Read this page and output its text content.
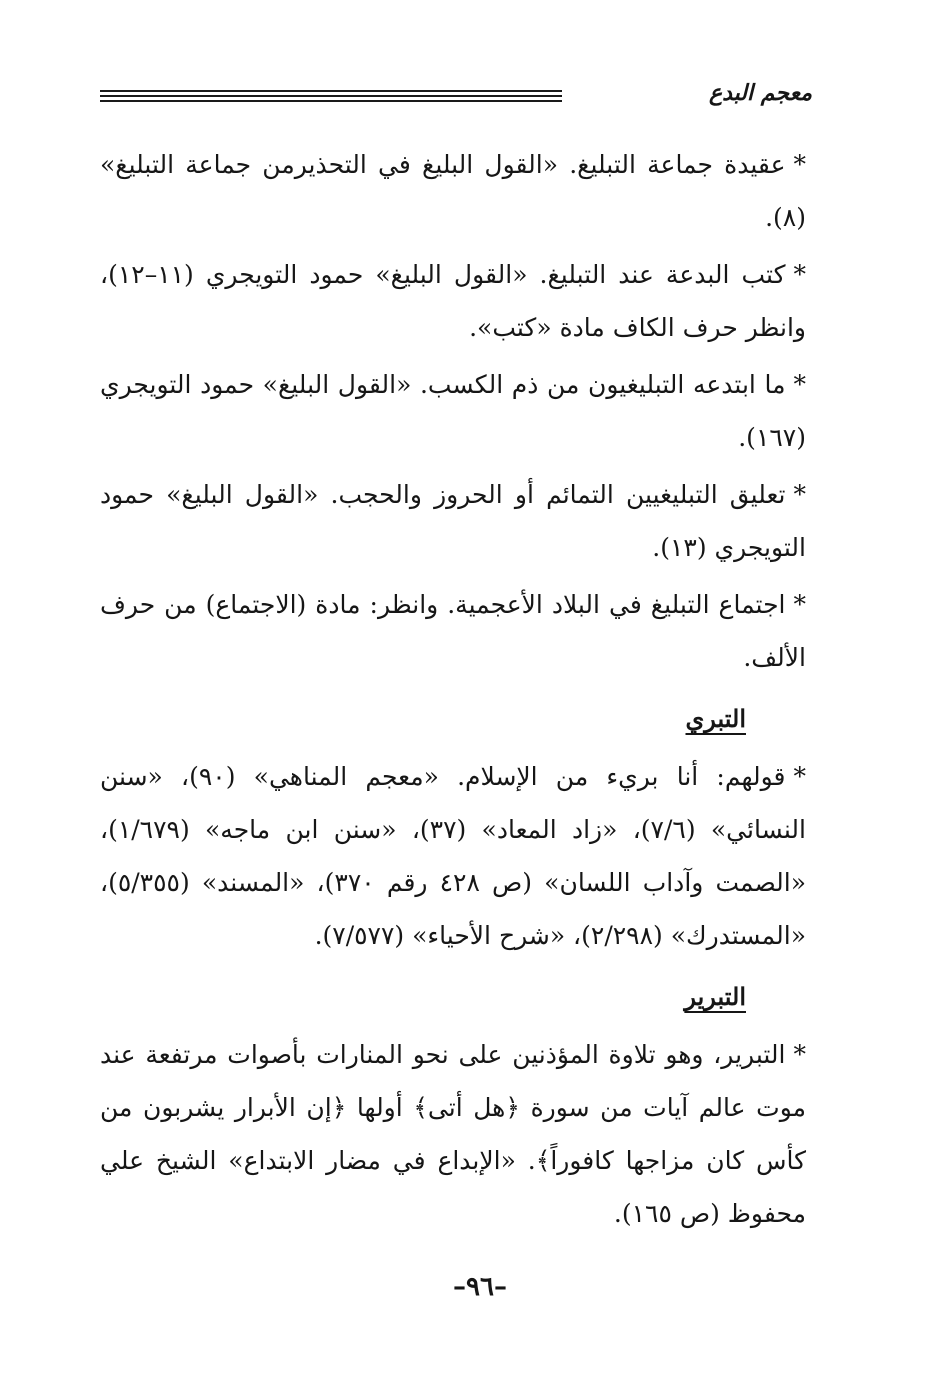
معجم البدع

*عقيدة جماعة التبليغ. «القول البليغ في التحذيرمن جماعة التبليغ» (٨).

*كتب البدعة عند التبليغ. «القول البليغ» حمود التويجري (١١–١٢)، وانظر حرف الكاف مادة «كتب».

*ما ابتدعه التبليغيون من ذم الكسب. «القول البليغ» حمود التويجري (١٦٧).

*تعليق التبليغيين التمائم أو الحروز والحجب. «القول البليغ» حمود التويجري (١٣).

*اجتماع التبليغ في البلاد الأعجمية. وانظر: مادة (الاجتماع) من حرف الألف.

التبري

*قولهم: أنا بريء من الإسلام. «معجم المناهي» (٩٠)، «سنن النسائي» (٧/٦)، «زاد المعاد» (٣٧)، «سنن ابن ماجه» (١/٦٧٩)، «الصمت وآداب اللسان» (ص ٤٢٨ رقم ٣٧٠)، «المسند» (٥/٣٥٥)، «المستدرك» (٢/٢٩٨)، «شرح الأحياء» (٧/٥٧٧).

التبرير

*التبرير، وهو تلاوة المؤذنين على نحو المنارات بأصوات مرتفعة عند موت عالم آيات من سورة ﴿هل أتى﴾ أولها ﴿إن الأبرار يشربون من كأس كان مزاجها كافوراً﴾. «الإبداع في مضار الابتداع» الشيخ علي محفوظ (ص ١٦٥).

–٩٦–
